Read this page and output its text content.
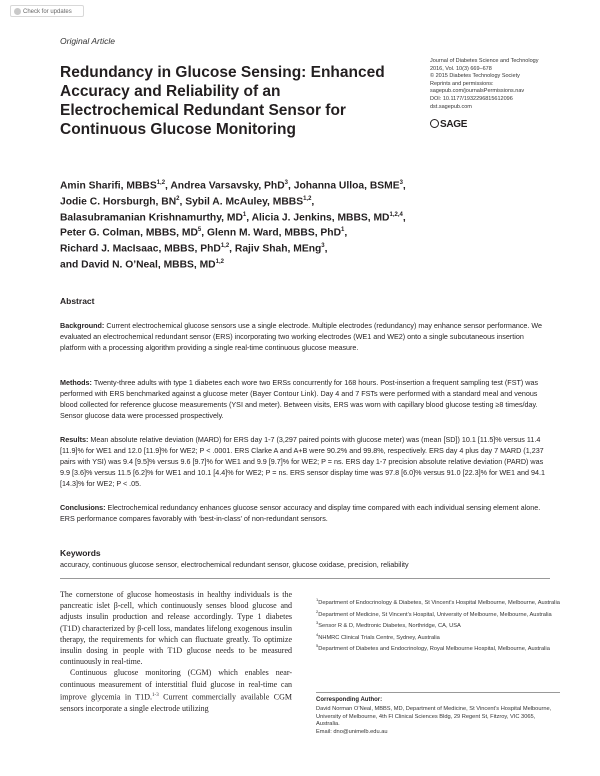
Check for updates
Original Article
Redundancy in Glucose Sensing: Enhanced Accuracy and Reliability of an Electrochemical Redundant Sensor for Continuous Glucose Monitoring
Journal of Diabetes Science and Technology
2016, Vol. 10(3) 669–678
© 2015 Diabetes Technology Society
Reprints and permissions:
sagepub.com/journalsPermissions.nav
DOI: 10.1177/1932296815612096
dst.sagepub.com
SAGE

Amin Sharifi, MBBS$^{1,2}$, Andrea Varsavsky, PhD$^3$, Johanna Ulloa, BSME$^3$,

Jodie C. Horsburgh, $BN^2$, Sybil A. McAuley, MBBS$^{1,2}$,

Balasubramanian Krishnamurthy, $MD^1$, Alicia J. Jenkins, MBBS, MD$^{1,2,4}$,

Peter G. Colman, MBBS, $MD^5$, Glenn M. Ward, MBBS, PhD$^1$,

Richard J. MacIsaac, MBBS, PhD$^{1,2}$, Rajiv Shah, MEng$^3$,

and David N. O’Neal, MBBS, MD$^{1,2}$

Abstract

Background: Current electrochemical glucose sensors use a single electrode. Multiple electrodes (redundancy) may enhance sensor performance. We evaluated an electrochemical redundant sensor (ERS) incorporating two working electrodes (WE1 and WE2) onto a single subcutaneous insertion platform with a processing algorithm providing a single real-time continuous glucose measure.

Methods: Twenty-three adults with type 1 diabetes each wore two ERSs concurrently for 168 hours. Post-insertion a frequent sampling test (FST) was performed with ERS benchmarked against a glucose meter (Bayer Contour Link). Day 4 and 7 FSTs were performed with a standard meal and venous blood collected for reference glucose measurements (YSI and meter). Between visits, ERS was worn with capillary blood glucose testing ≥8 times/day. Sensor glucose data were processed prospectively.

Results: Mean absolute relative deviation (MARD) for ERS day 1-7 (3,297 paired points with glucose meter) was (mean [SD]) 10.1 [11.5]% versus 11.4 [11.9]% for WE1 and 12.0 [11.9]% for WE2; P < .0001. ERS Clarke A and A+B were 90.2% and 99.8%, respectively. ERS day 4 plus day 7 MARD (1,237 pairs with YSI) was 9.4 [9.5]% versus 9.6 [9.7]% for WE1 and 9.9 [9.7]% for WE2; P = ns. ERS day 1-7 precision absolute relative deviation (PARD) was 9.9 [3.6]% versus 11.5 [6.2]% for WE1 and 10.1 [4.4]% for WE2; P = ns. ERS sensor display time was 97.8 [6.0]% versus 91.0 [22.3]% for WE1 and 94.1 [14.3]% for WE2; P < .05.

Conclusions: Electrochemical redundancy enhances glucose sensor accuracy and display time compared with each individual sensing element alone. ERS performance compares favorably with ‘best-in-class’ of non-redundant sensors.

Keywords
accuracy, continuous glucose sensor, electrochemical redundant sensor, glucose oxidase, precision, reliability

The cornerstone of glucose homeostasis in healthy individuals is the pancreatic islet β-cell, which continuously senses blood glucose and adjusts insulin production and release accordingly. Type 1 diabetes (T1D) characterized by β-cell loss, mandates lifelong exogenous insulin therapy, the requirements for which can fluctuate greatly. To optimize insulin dosing in people with T1D glucose needs to be measured continuously in real-time.

Continuous glucose monitoring (CGM) which enables near-continuous measurement of interstitial fluid glucose in real-time can improve glycemia in T1D.$^{1-3}$ Current commercially available CGM sensors incorporate a single electrode utilizing

$^1$Department of Endocrinology & Diabetes, St Vincent’s Hospital Melbourne, Melbourne, Australia
$^2$Department of Medicine, St Vincent’s Hospital, University of Melbourne, Melbourne, Australia
$^3$Sensor R & D, Medtronic Diabetes, Northridge, CA, USA
$^4$NHMRC Clinical Trials Centre, Sydney, Australia
$^5$Department of Diabetes and Endocrinology, Royal Melbourne Hospital, Melbourne, Australia
Corresponding Author:
David Norman O’Neal, MBBS, MD, Department of Medicine, St Vincent’s Hospital Melbourne, University of Melbourne, 4th Fl Clinical Sciences Bldg, 29 Regent St, Fitzroy, VIC 3065, Australia.
Email: dno@unimelb.edu.au
